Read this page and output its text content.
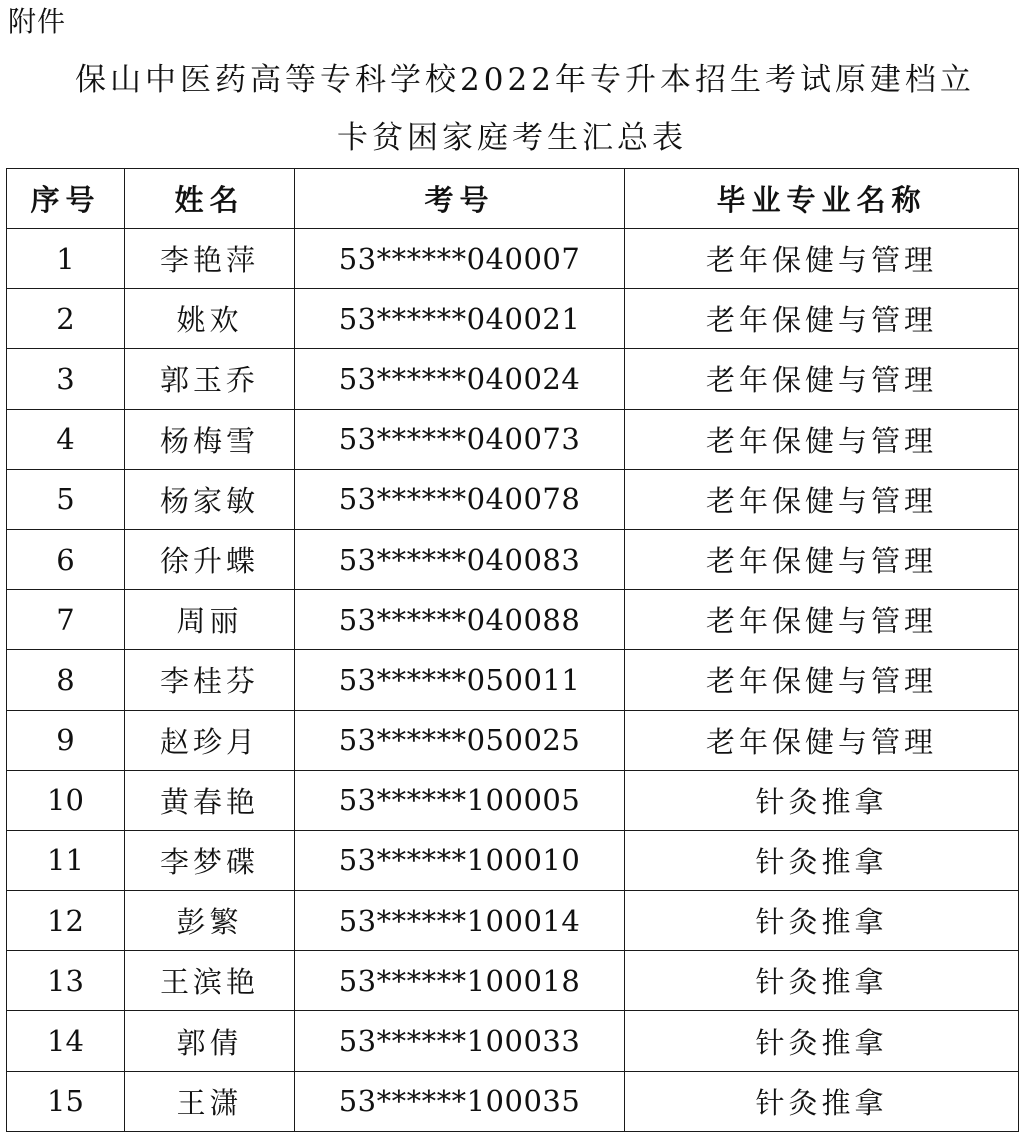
附件
保山中医药高等专科学校2022年专升本招生考试原建档立
卡贫困家庭考生汇总表
序号	姓名	考号	毕业专业名称
1	李艳萍	53******040007	老年保健与管理
2	姚欢	53******040021	老年保健与管理
3	郭玉乔	53******040024	老年保健与管理
4	杨梅雪	53******040073	老年保健与管理
5	杨家敏	53******040078	老年保健与管理
6	徐升蝶	53******040083	老年保健与管理
7	周丽	53******040088	老年保健与管理
8	李桂芬	53******050011	老年保健与管理
9	赵珍月	53******050025	老年保健与管理
10	黄春艳	53******100005	针灸推拿
11	李梦碟	53******100010	针灸推拿
12	彭繁	53******100014	针灸推拿
13	王滨艳	53******100018	针灸推拿
14	郭倩	53******100033	针灸推拿
15	王潇	53******100035	针灸推拿
